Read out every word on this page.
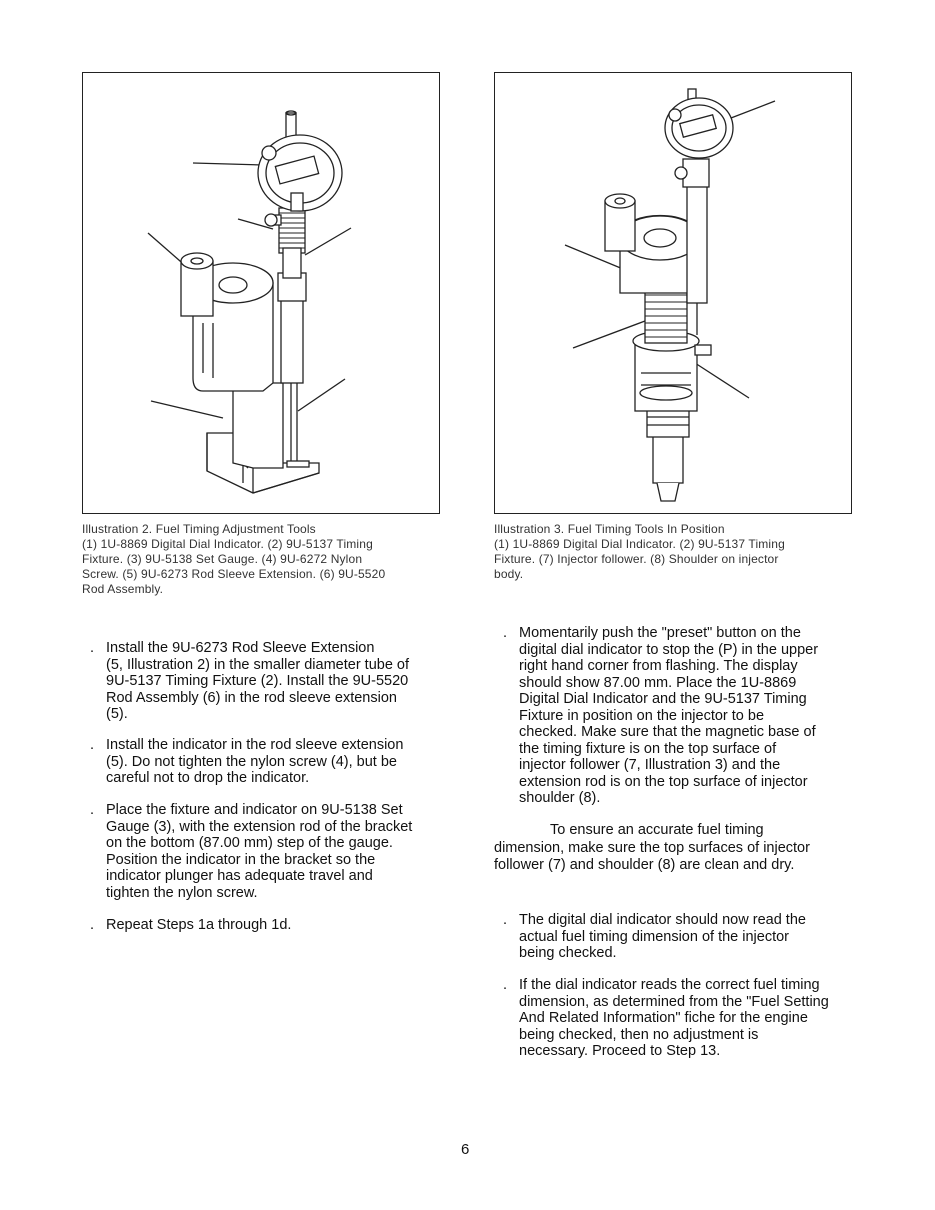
Illustration 2. Fuel Timing Adjustment Tools
(1) 1U-8869 Digital Dial Indicator. (2) 9U-5137 Timing
Fixture. (3) 9U-5138 Set Gauge. (4) 9U-6272 Nylon
Screw. (5) 9U-6273 Rod Sleeve Extension. (6) 9U-5520
Rod Assembly.
Illustration 3. Fuel Timing Tools In Position
(1) 1U-8869 Digital Dial Indicator. (2) 9U-5137 Timing
Fixture. (7) Injector follower. (8) Shoulder on injector
body.
. Install the 9U-6273 Rod Sleeve Extension
(5, Illustration 2) in the smaller diameter tube of
9U-5137 Timing Fixture (2). Install the 9U-5520
Rod Assembly (6) in the rod sleeve extension
(5).
. Install the indicator in the rod sleeve extension
(5). Do not tighten the nylon screw (4), but be
careful not to drop the indicator.
. Place the fixture and indicator on 9U-5138 Set
Gauge (3), with the extension rod of the bracket
on the bottom (87.00 mm) step of the gauge.
Position the indicator in the bracket so the
indicator plunger has adequate travel and
tighten the nylon screw.
. Repeat Steps 1a through 1d.
. Momentarily push the "preset" button on the
digital dial indicator to stop the (P) in the upper
right hand corner from flashing. The display
should show 87.00 mm. Place the 1U-8869
Digital Dial Indicator and the 9U-5137 Timing
Fixture in position on the injector to be
checked. Make sure that the magnetic base of
the timing fixture is on the top surface of
injector follower (7, Illustration 3) and the
extension rod is on the top surface of injector
shoulder (8).
To ensure an accurate fuel timing
dimension, make sure the top surfaces of injector
follower (7) and shoulder (8) are clean and dry.
. The digital dial indicator should now read the
actual fuel timing dimension of the injector
being checked.
. If the dial indicator reads the correct fuel timing
dimension, as determined from the "Fuel Setting
And Related Information" fiche for the engine
being checked, then no adjustment is
necessary. Proceed to Step 13.
6
